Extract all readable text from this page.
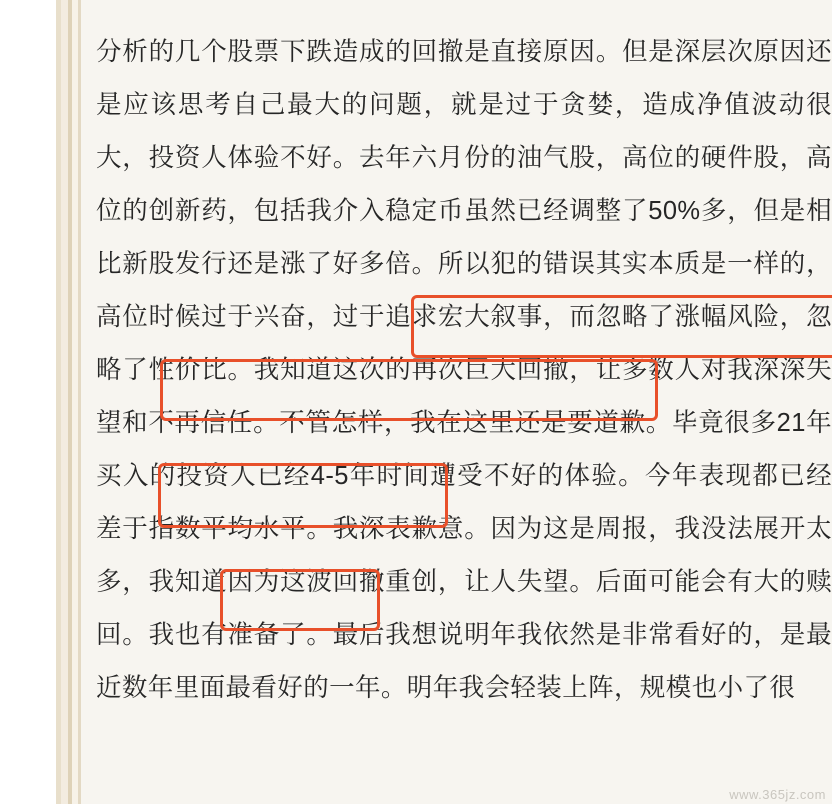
分析的几个股票下跌造成的回撤是直接原因。但是深层次原因还是应该思考自己最大的问题，就是过于贪婪，造成净值波动很大，投资人体验不好。去年六月份的油气股，高位的硬件股，高位的创新药，包括我介入稳定币虽然已经调整了50%多，但是相比新股发行还是涨了好多倍。所以犯的错误其实本质是一样的，高位时候过于兴奋，过于追求宏大叙事，而忽略了涨幅风险，忽略了性价比。我知道这次的再次巨大回撤，让多数人对我深深失望和不再信任。不管怎样，我在这里还是要道歉。毕竟很多21年买入的投资人已经4-5年时间遭受不好的体验。今年表现都已经差于指数平均水平。我深表歉意。因为这是周报，我没法展开太多，我知道因为这波回撤重创，让人失望。后面可能会有大的赎回。我也有准备了。最后我想说明年我依然是非常看好的，是最近数年里面最看好的一年。明年我会轻装上阵，规模也小了很
www.365jz.com
